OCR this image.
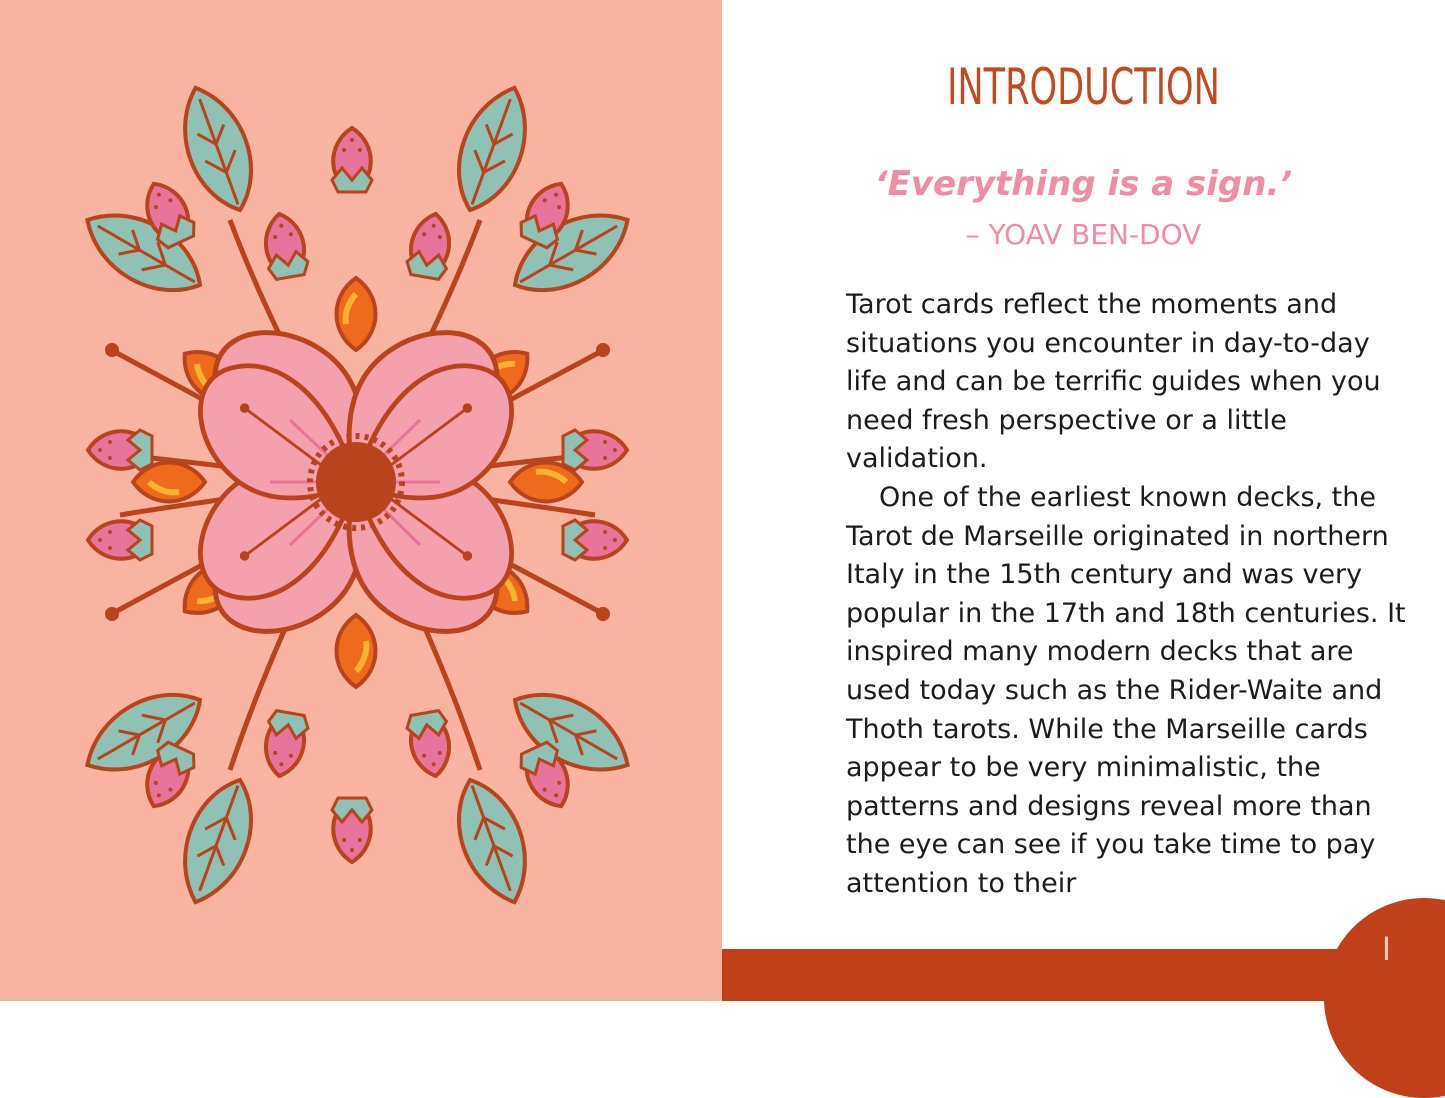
INTRODUCTION
‘Everything is a sign.’
– YOAV BEN-DOV

Tarot cards reflect the moments and situations you encounter in day-to-day life and can be terrific guides when you need fresh perspective or a little validation.

One of the earliest known decks, the Tarot de Marseille originated in northern Italy in the 15th century and was very popular in the 17th and 18th centuries. It inspired many modern decks that are used today such as the Rider-Waite and Thoth tarots. While the Marseille cards appear to be very minimalistic, the patterns and designs reveal more than the eye can see if you take time to pay attention to their

I
